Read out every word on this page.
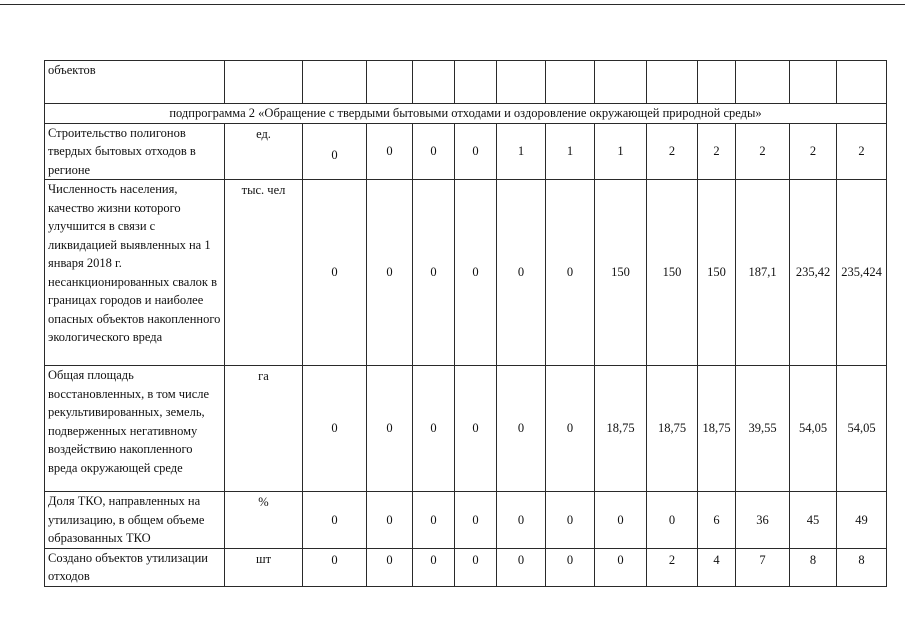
объектов													
подпрограмма 2 «Обращение с твердыми бытовыми отходами и оздоровление окружающей природной среды»													
Строительство полигонов твердых бытовых отходов в регионе	ед.	0	0	0	0	1	1	1	2	2	2	2	2
Численность населения, качество жизни которого улучшится в связи с ликвидацией выявленных на 1 января 2018 г. несанкционированных свалок в границах городов и наиболее опасных объектов накопленного экологического вреда	тыс. чел	0	0	0	0	0	0	150	150	150	187,1	235,42	235,424
Общая площадь восстановленных, в том числе рекультивированных, земель, подверженных негативному воздействию накопленного вреда окружающей среде	га	0	0	0	0	0	0	18,75	18,75	18,75	39,55	54,05	54,05
Доля ТКО, направленных на утилизацию, в общем объеме образованных ТКО	%	0	0	0	0	0	0	0	0	6	36	45	49
Создано объектов утилизации отходов	шт	0	0	0	0	0	0	0	2	4	7	8	8
